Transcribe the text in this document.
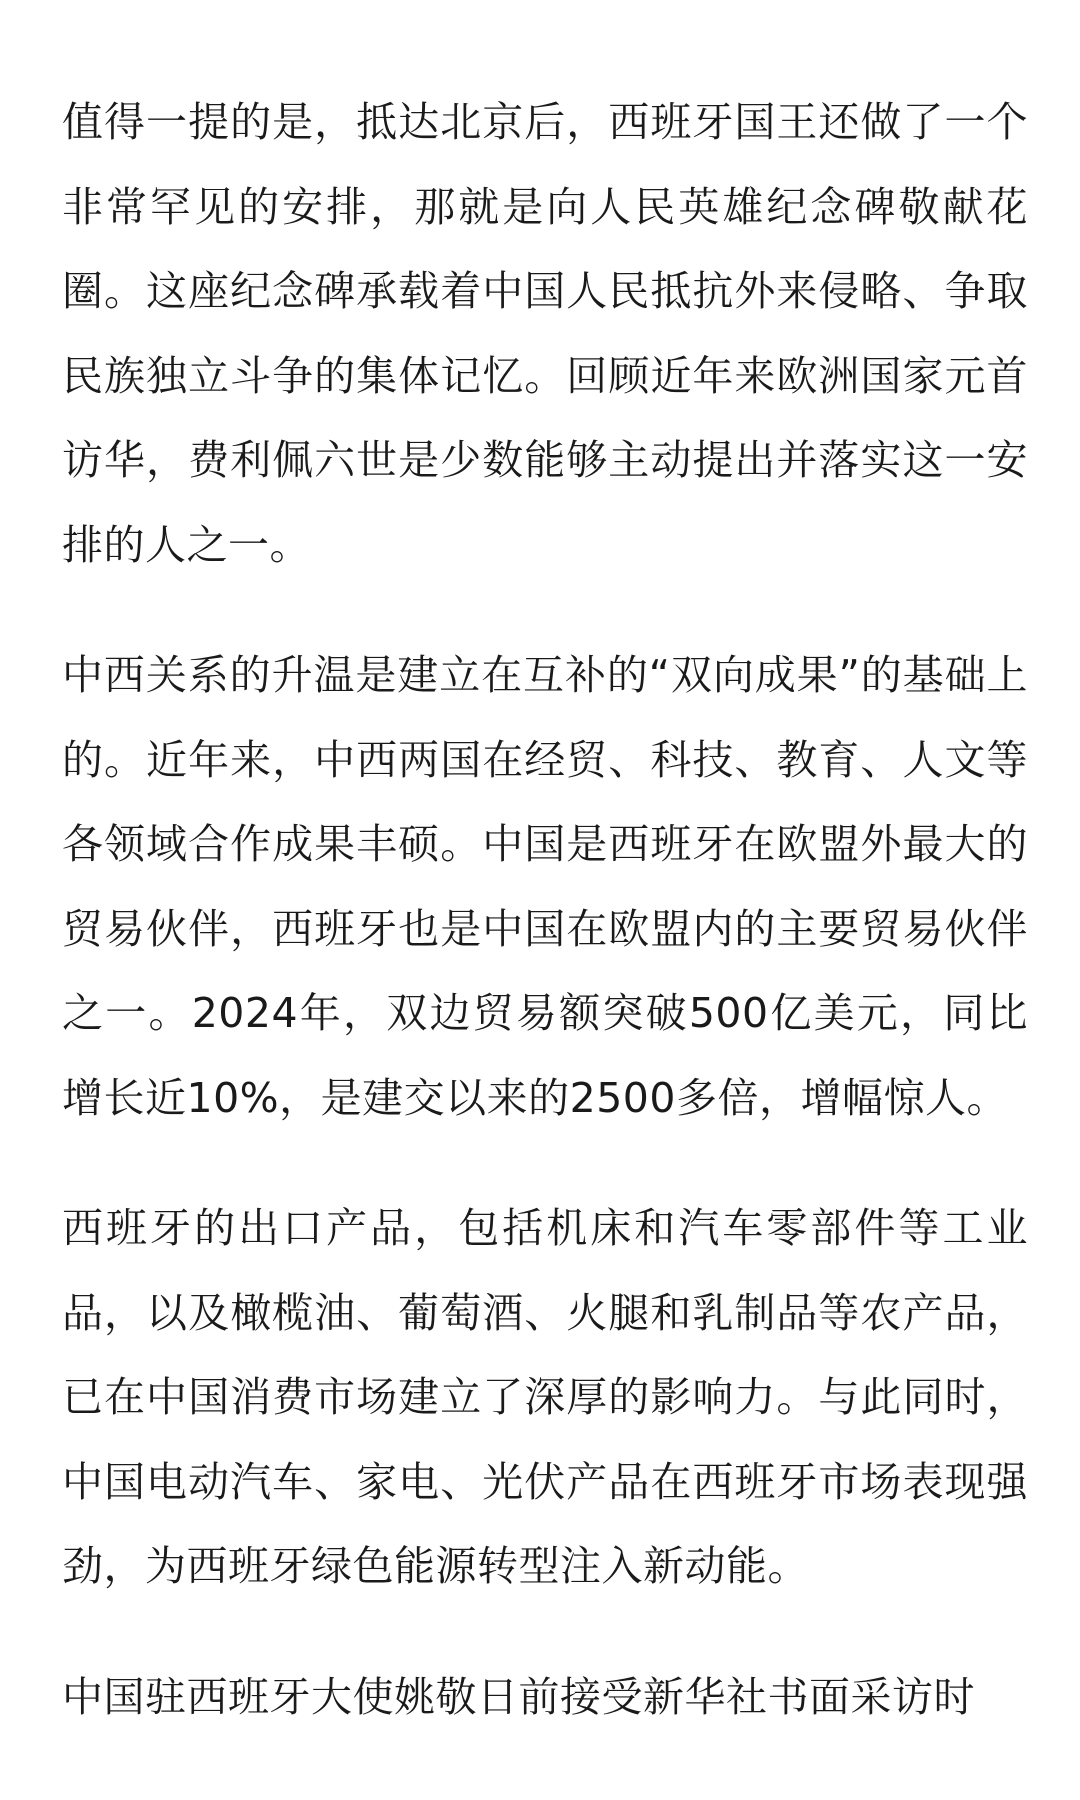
值得一提的是，抵达北京后，西班牙国王还做了一个非常罕见的安排，那就是向人民英雄纪念碑敬献花圈。这座纪念碑承载着中国人民抵抗外来侵略、争取民族独立斗争的集体记忆。回顾近年来欧洲国家元首访华，费利佩六世是少数能够主动提出并落实这一安排的人之一。

中西关系的升温是建立在互补的“双向成果”的基础上的。近年来，中西两国在经贸、科技、教育、人文等各领域合作成果丰硕。中国是西班牙在欧盟外最大的贸易伙伴，西班牙也是中国在欧盟内的主要贸易伙伴之一。2024年，双边贸易额突破500亿美元，同比增长近10%，是建交以来的2500多倍，增幅惊人。

西班牙的出口产品，包括机床和汽车零部件等工业品，以及橄榄油、葡萄酒、火腿和乳制品等农产品，已在中国消费市场建立了深厚的影响力。与此同时，中国电动汽车、家电、光伏产品在西班牙市场表现强劲，为西班牙绿色能源转型注入新动能。

中国驻西班牙大使姚敬日前接受新华社书面采访时
